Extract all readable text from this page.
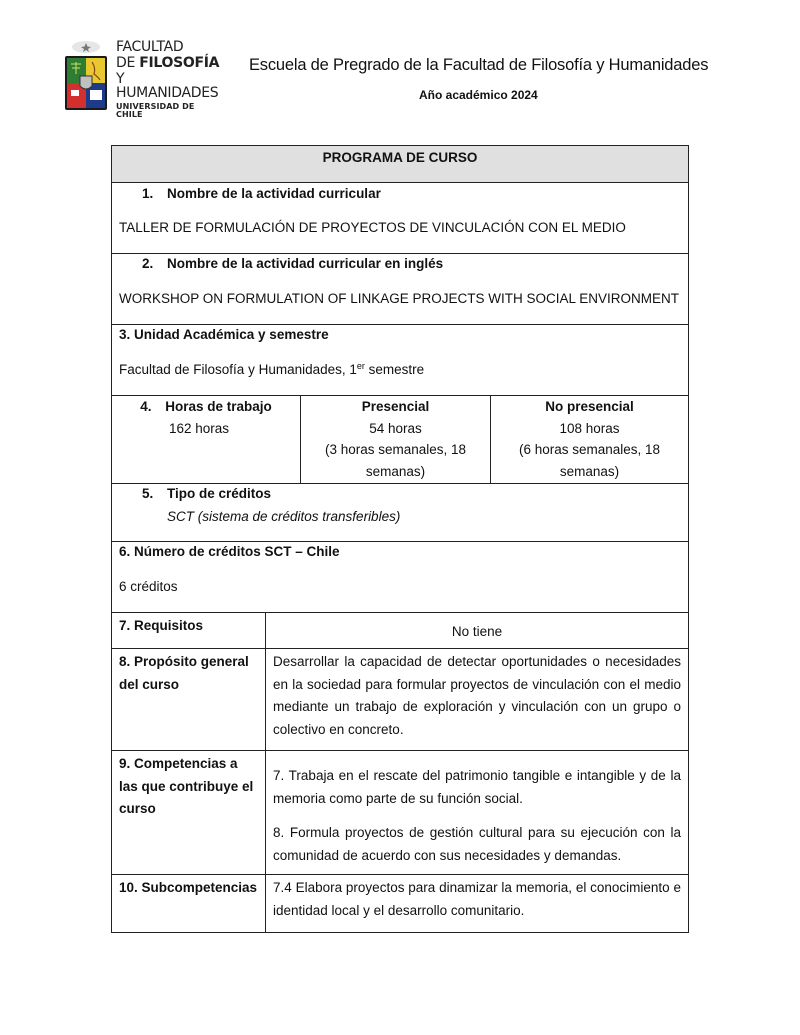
FACULTAD
DE FILOSOFÍA
Y HUMANIDADES
UNIVERSIDAD DE CHILE
Escuela de Pregrado de la Facultad de Filosofía y Humanidades
Año académico 2024
PROGRAMA DE CURSO
1. Nombre de la actividad curricular
TALLER DE FORMULACIÓN DE PROYECTOS DE VINCULACIÓN CON EL MEDIO
2. Nombre de la actividad curricular en inglés
WORKSHOP ON FORMULATION OF LINKAGE PROJECTS WITH SOCIAL ENVIRONMENT
3. Unidad Académica y semestre
Facultad de Filosofía y Humanidades, 1er semestre
4. Horas de trabajo
162 horas
Presencial
54 horas
(3 horas semanales, 18
semanas)
No presencial
108 horas
(6 horas semanales, 18
semanas)
5. Tipo de créditos
SCT (sistema de créditos transferibles)
6. Número de créditos SCT – Chile
6 créditos
7. Requisitos	No tiene
8. Propósito general del curso
Desarrollar la capacidad de detectar oportunidades o necesidades en la sociedad para formular proyectos de vinculación con el medio mediante un trabajo de exploración y vinculación con un grupo o colectivo en concreto.
9. Competencias a las que contribuye el curso

7. Trabaja en el rescate del patrimonio tangible e intangible y de la memoria como parte de su función social.

8. Formula proyectos de gestión cultural para su ejecución con la comunidad de acuerdo con sus necesidades y demandas.

10. Subcompetencias	7.4 Elabora proyectos para dinamizar la memoria, el conocimiento e identidad local y el desarrollo comunitario.
